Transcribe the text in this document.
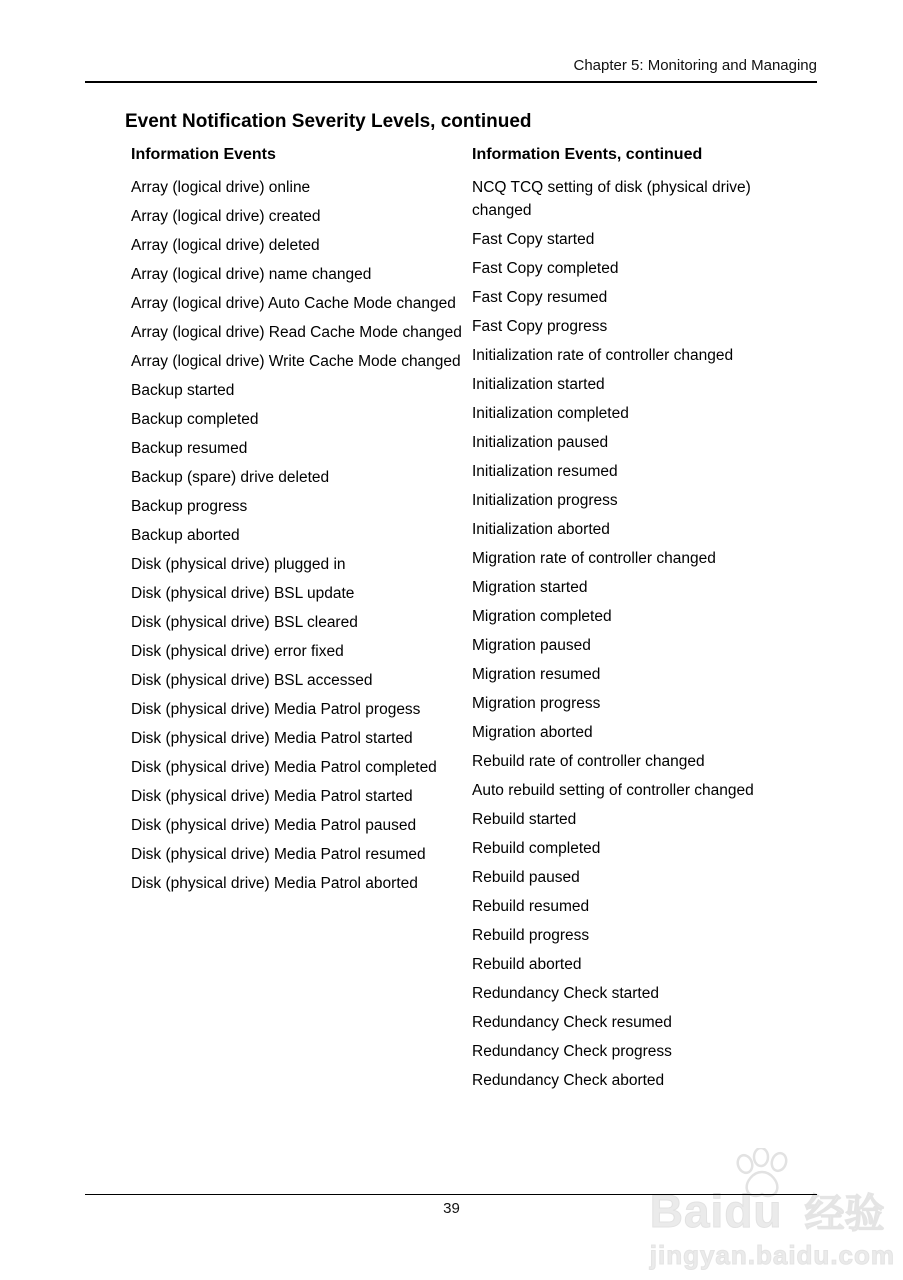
Chapter 5: Monitoring and Managing
Event Notification Severity Levels, continued
Information Events
Array (logical drive) online
Array (logical drive) created
Array (logical drive) deleted
Array (logical drive) name changed
Array (logical drive) Auto Cache Mode changed
Array (logical drive) Read Cache Mode changed
Array (logical drive) Write Cache Mode changed
Backup started
Backup completed
Backup resumed
Backup (spare) drive deleted
Backup progress
Backup aborted
Disk (physical drive) plugged in
Disk (physical drive) BSL update
Disk (physical drive) BSL cleared
Disk (physical drive) error fixed
Disk (physical drive) BSL accessed
Disk (physical drive) Media Patrol progess
Disk (physical drive) Media Patrol started
Disk (physical drive) Media Patrol completed
Disk (physical drive) Media Patrol started
Disk (physical drive) Media Patrol paused
Disk (physical drive) Media Patrol resumed
Disk (physical drive) Media Patrol aborted
Information Events, continued
NCQ TCQ setting of disk (physical drive) changed
Fast Copy started
Fast Copy completed
Fast Copy resumed
Fast Copy progress
Initialization rate of controller changed
Initialization started
Initialization completed
Initialization paused
Initialization resumed
Initialization progress
Initialization aborted
Migration rate of controller changed
Migration started
Migration completed
Migration paused
Migration resumed
Migration progress
Migration aborted
Rebuild rate of controller changed
Auto rebuild setting of controller changed
Rebuild started
Rebuild completed
Rebuild paused
Rebuild resumed
Rebuild progress
Rebuild aborted
Redundancy Check started
Redundancy Check resumed
Redundancy Check progress
Redundancy Check aborted
Baidu 经验
jingyan.baidu.com
39
